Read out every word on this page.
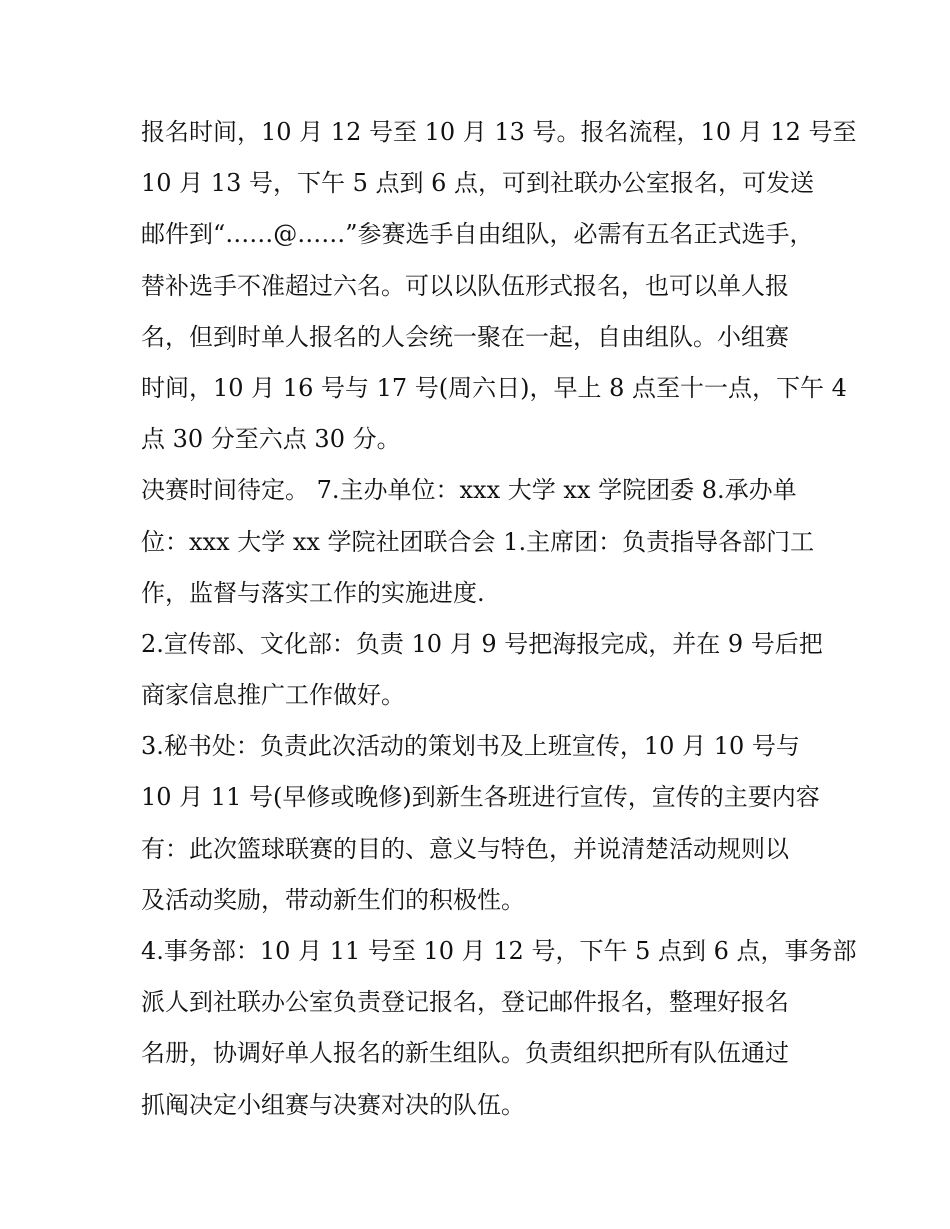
报名时间，10 月 12 号至 10 月 13 号。报名流程，10 月 12 号至
10 月 13 号，下午 5 点到 6 点，可到社联办公室报名，可发送
邮件到“……@……”参赛选手自由组队，必需有五名正式选手，
替补选手不准超过六名。可以以队伍形式报名，也可以单人报
名，但到时单人报名的人会统一聚在一起，自由组队。小组赛
时间，10 月 16 号与 17 号(周六日)，早上 8 点至十一点，下午 4
点 30 分至六点 30 分。
决赛时间待定。 7.主办单位：xxx 大学 xx 学院团委 8.承办单
位：xxx 大学 xx 学院社团联合会 1.主席团：负责指导各部门工
作，监督与落实工作的实施进度.
2.宣传部、文化部：负责 10 月 9 号把海报完成，并在 9 号后把
商家信息推广工作做好。
3.秘书处：负责此次活动的策划书及上班宣传，10 月 10 号与
10 月 11 号(早修或晚修)到新生各班进行宣传，宣传的主要内容
有：此次篮球联赛的目的、意义与特色，并说清楚活动规则以
及活动奖励，带动新生们的积极性。
4.事务部：10 月 11 号至 10 月 12 号，下午 5 点到 6 点，事务部
派人到社联办公室负责登记报名，登记邮件报名，整理好报名
名册，协调好单人报名的新生组队。负责组织把所有队伍通过
抓阄决定小组赛与决赛对决的队伍。
